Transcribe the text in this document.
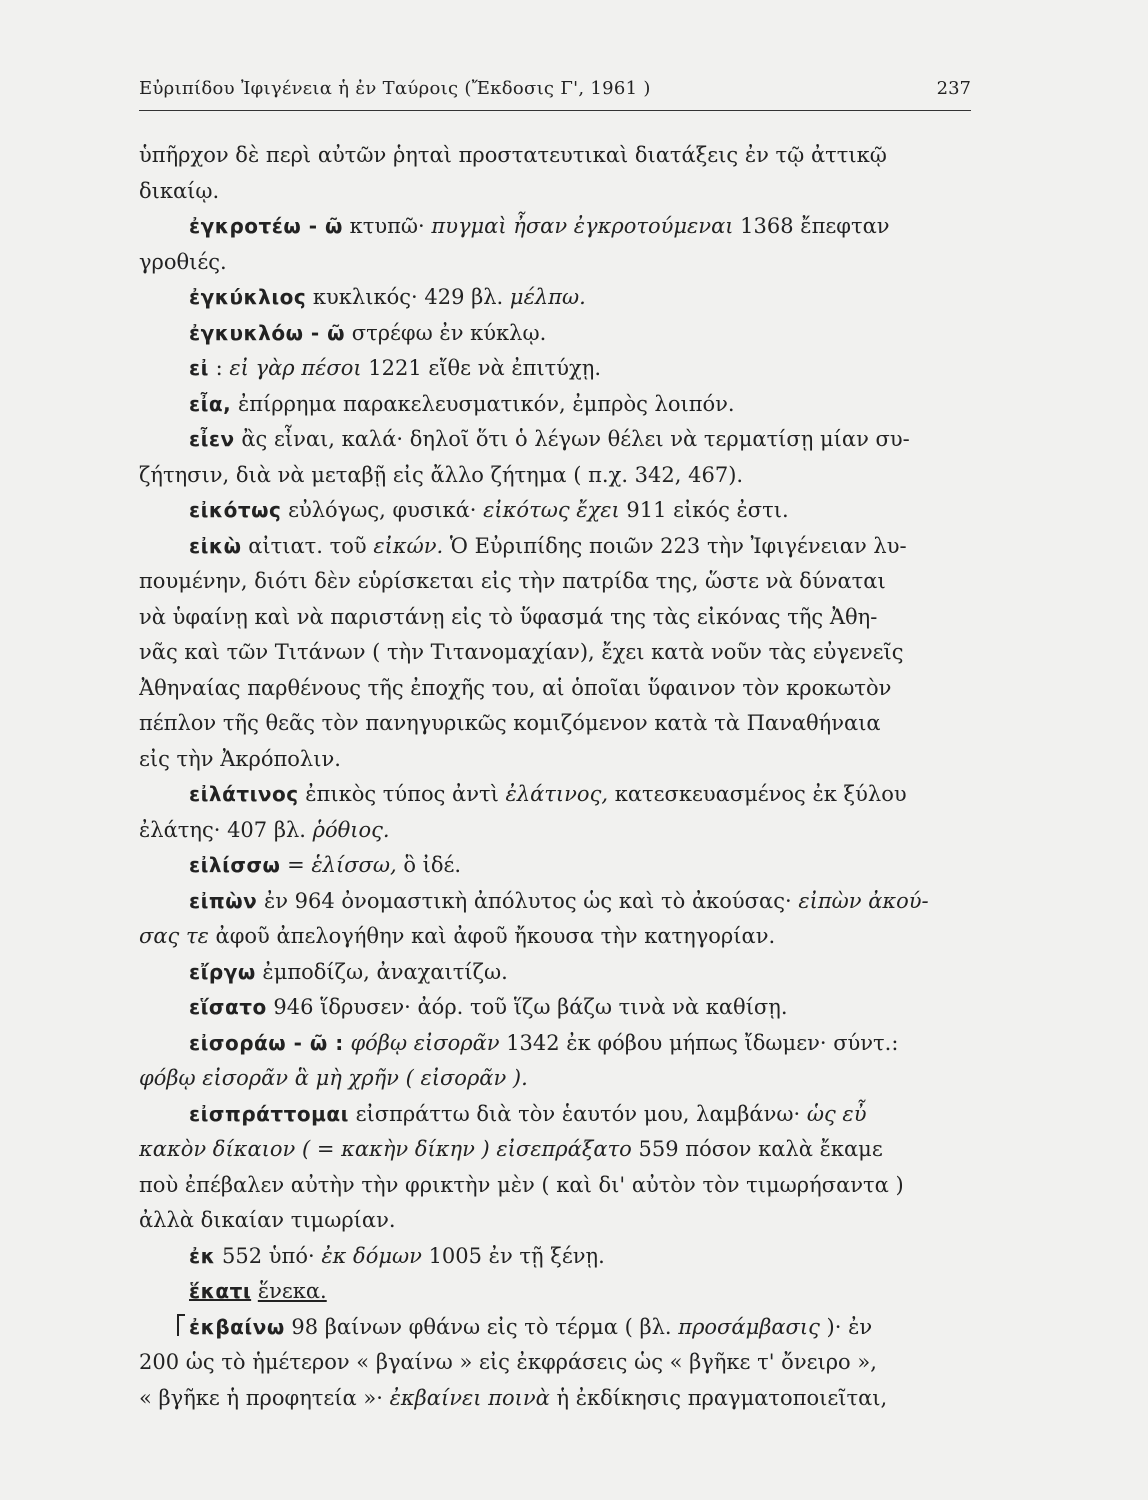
Εὐριπίδου Ἰφιγένεια ἡ ἐν Ταύροις (Ἔκδοσις Γ', 1961 )	237
ὑπῆρχον δὲ περὶ αὐτῶν ῥηταὶ προστατευτικαὶ διατάξεις ἐν τῷ ἀττικῷ
δικαίῳ.
ἐγκροτέω - ῶ κτυπῶ· πυγμαὶ ἦσαν ἐγκροτούμεναι 1368 ἔπεφταν
γροθιές.
ἐγκύκλιος κυκλικός· 429 βλ. μέλπω.
ἐγκυκλόω - ῶ στρέφω ἐν κύκλῳ.
εἰ : εἰ γὰρ πέσοι 1221 εἴθε νὰ ἐπιτύχῃ.
εἶα, ἐπίρρημα παρακελευσματικόν, ἐμπρὸς λοιπόν.
εἶεν ἂς εἶναι, καλά· δηλοῖ ὅτι ὁ λέγων θέλει νὰ τερματίσῃ μίαν συ-
ζήτησιν, διὰ νὰ μεταβῇ εἰς ἄλλο ζήτημα ( π.χ. 342, 467).
εἰκότως εὐλόγως, φυσικά· εἰκότως ἔχει 911 εἰκός ἐστι.
εἰκὼ αἰτιατ. τοῦ εἰκών. Ὁ Εὐριπίδης ποιῶν 223 τὴν Ἰφιγένειαν λυ-
πουμένην, διότι δὲν εὑρίσκεται εἰς τὴν πατρίδα της, ὥστε νὰ δύναται
νὰ ὑφαίνῃ καὶ νὰ παριστάνῃ εἰς τὸ ὕφασμά της τὰς εἰκόνας τῆς Ἀθη-
νᾶς καὶ τῶν Τιτάνων ( τὴν Τιτανομαχίαν), ἔχει κατὰ νοῦν τὰς εὐγενεῖς
Ἀθηναίας παρθένους τῆς ἐποχῆς του, αἱ ὁποῖαι ὕφαινον τὸν κροκωτὸν
πέπλον τῆς θεᾶς τὸν πανηγυρικῶς κομιζόμενον κατὰ τὰ Παναθήναια
εἰς τὴν Ἀκρόπολιν.
εἰλάτινος ἐπικὸς τύπος ἀντὶ ἐλάτινος, κατεσκευασμένος ἐκ ξύλου
ἐλάτης· 407 βλ. ῥόθιος.
εἰλίσσω = ἑλίσσω, ὃ ἰδέ.
εἰπὼν ἐν 964 ὀνομαστικὴ ἀπόλυτος ὡς καὶ τὸ ἀκούσας· εἰπὼν ἀκού-
σας τε ἀφοῦ ἀπελογήθην καὶ ἀφοῦ ἤκουσα τὴν κατηγορίαν.
εἴργω ἐμποδίζω, ἀναχαιτίζω.
εἵσατο 946 ἵδρυσεν· ἀόρ. τοῦ ἵζω βάζω τινὰ νὰ καθίσῃ.
εἰσοράω - ῶ : φόβῳ εἰσορᾶν 1342 ἐκ φόβου μήπως ἴδωμεν· σύντ.:
φόβῳ εἰσορᾶν ἃ μὴ χρῆν ( εἰσορᾶν ).
εἰσπράττομαι εἰσπράττω διὰ τὸν ἑαυτόν μου, λαμβάνω· ὡς εὖ
κακὸν δίκαιον ( = κακὴν δίκην ) εἰσεπράξατο 559 πόσον καλὰ ἔκαμε
ποὺ ἐπέβαλεν αὐτὴν τὴν φρικτὴν μὲν ( καὶ δι' αὐτὸν τὸν τιμωρήσαντα )
ἀλλὰ δικαίαν τιμωρίαν.
ἐκ 552 ὑπό· ἐκ δόμων 1005 ἐν τῇ ξένῃ.
ἕκατι ἕνεκα.
ἐκβαίνω 98 βαίνων φθάνω εἰς τὸ τέρμα ( βλ. προσάμβασις )· ἐν
200 ὡς τὸ ἡμέτερον « βγαίνω » εἰς ἐκφράσεις ὡς « βγῆκε τ' ὄνειρο »,
« βγῆκε ἡ προφητεία »· ἐκβαίνει ποινὰ ἡ ἐκδίκησις πραγματοποιεῖται,
